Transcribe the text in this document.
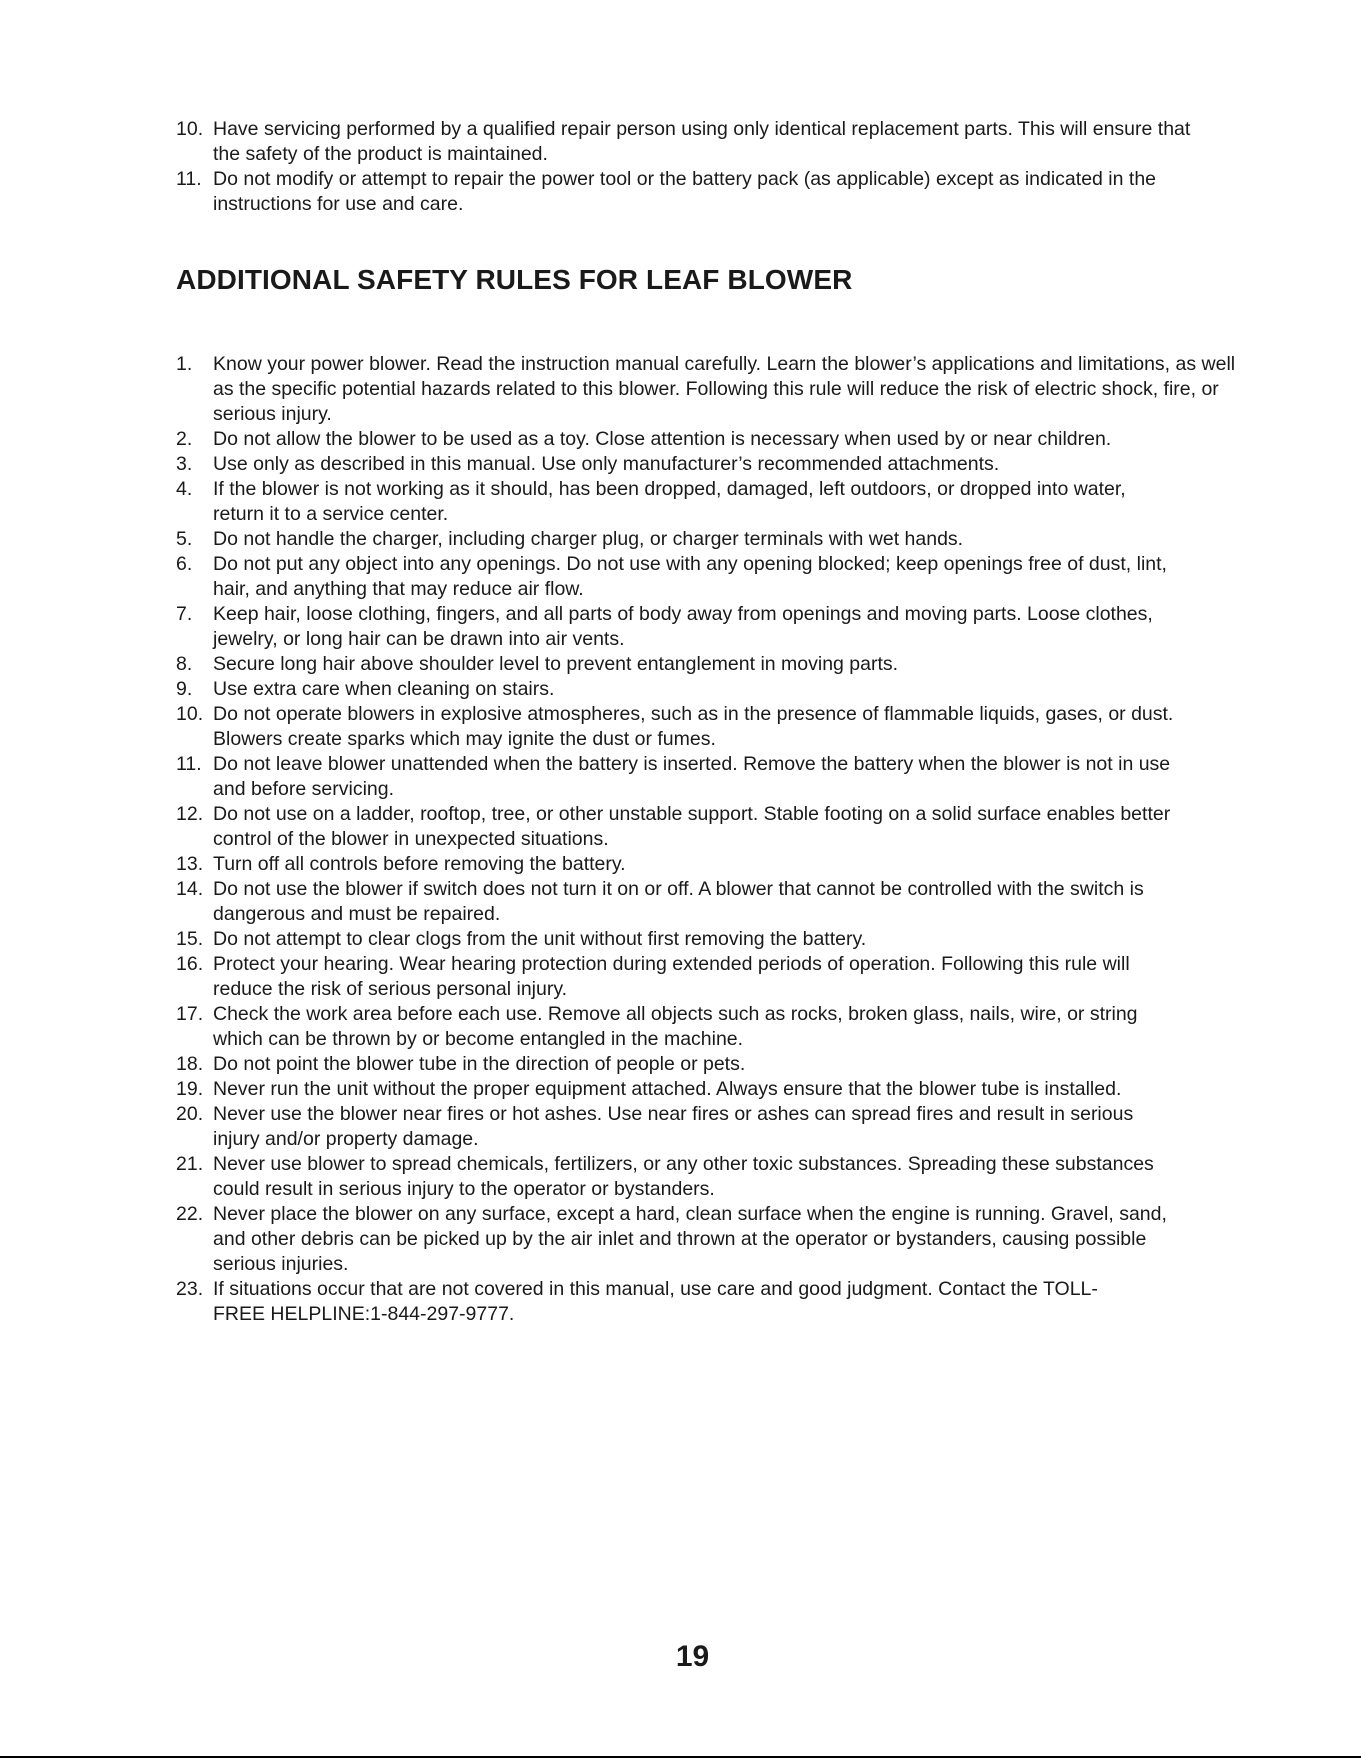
10. Have servicing performed by a qualified repair person using only identical replacement parts. This will ensure that the safety of the product is maintained.
11. Do not modify or attempt to repair the power tool or the battery pack (as applicable) except as indicated in the instructions for use and care.
ADDITIONAL SAFETY RULES FOR LEAF BLOWER
1. Know your power blower. Read the instruction manual carefully. Learn the blower’s applications and limitations, as well as the specific potential hazards related to this blower. Following this rule will reduce the risk of electric shock, fire, or serious injury.
2. Do not allow the blower to be used as a toy. Close attention is necessary when used by or near children.
3. Use only as described in this manual. Use only manufacturer’s recommended attachments.
4. If the blower is not working as it should, has been dropped, damaged, left outdoors, or dropped into water, return it to a service center.
5. Do not handle the charger, including charger plug, or charger terminals with wet hands.
6. Do not put any object into any openings. Do not use with any opening blocked; keep openings free of dust, lint, hair, and anything that may reduce air flow.
7. Keep hair, loose clothing, fingers, and all parts of body away from openings and moving parts. Loose clothes, jewelry, or long hair can be drawn into air vents.
8. Secure long hair above shoulder level to prevent entanglement in moving parts.
9. Use extra care when cleaning on stairs.
10. Do not operate blowers in explosive atmospheres, such as in the presence of flammable liquids, gases, or dust. Blowers create sparks which may ignite the dust or fumes.
11. Do not leave blower unattended when the battery is inserted. Remove the battery when the blower is not in use and before servicing.
12. Do not use on a ladder, rooftop, tree, or other unstable support. Stable footing on a solid surface enables better control of the blower in unexpected situations.
13. Turn off all controls before removing the battery.
14. Do not use the blower if switch does not turn it on or off. A blower that cannot be controlled with the switch is dangerous and must be repaired.
15. Do not attempt to clear clogs from the unit without first removing the battery.
16. Protect your hearing. Wear hearing protection during extended periods of operation. Following this rule will reduce the risk of serious personal injury.
17. Check the work area before each use. Remove all objects such as rocks, broken glass, nails, wire, or string which can be thrown by or become entangled in the machine.
18. Do not point the blower tube in the direction of people or pets.
19. Never run the unit without the proper equipment attached. Always ensure that the blower tube is installed.
20. Never use the blower near fires or hot ashes. Use near fires or ashes can spread fires and result in serious injury and/or property damage.
21. Never use blower to spread chemicals, fertilizers, or any other toxic substances. Spreading these substances could result in serious injury to the operator or bystanders.
22. Never place the blower on any surface, except a hard, clean surface when the engine is running. Gravel, sand, and other debris can be picked up by the air inlet and thrown at the operator or bystanders, causing possible serious injuries.
23. If situations occur that are not covered in this manual, use care and good judgment. Contact the TOLL-FREE HELPLINE:1-844-297-9777.
19
